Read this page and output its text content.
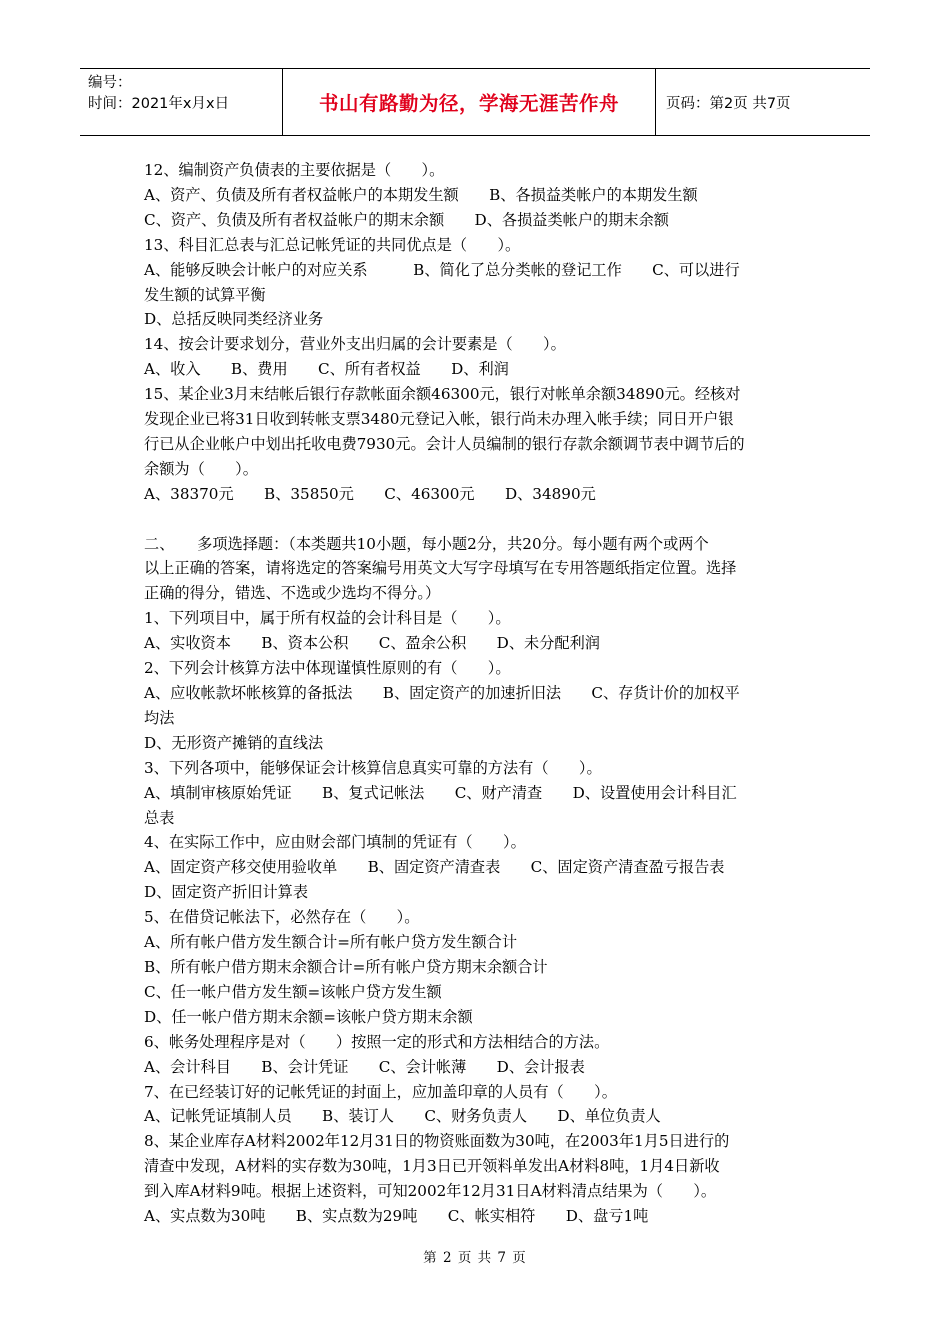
编号：
时间：2021年x月x日	书山有路勤为径，学海无涯苦作舟	页码：第2页 共7页

12、编制资产负债表的主要依据是（　　）。

A、资产、负债及所有者权益帐户的本期发生额　　B、各损益类帐户的本期发生额

C、资产、负债及所有者权益帐户的期末余额　　D、各损益类帐户的期末余额

13、科目汇总表与汇总记帐凭证的共同优点是（　　）。

A、能够反映会计帐户的对应关系　　　B、简化了总分类帐的登记工作　　C、可以进行

发生额的试算平衡

D、总括反映同类经济业务

14、按会计要求划分，营业外支出归属的会计要素是（　　）。

A、收入　　B、费用　　C、所有者权益　　D、利润

15、某企业3月末结帐后银行存款帐面余额46300元，银行对帐单余额34890元。经核对

发现企业已将31日收到转帐支票3480元登记入帐，银行尚未办理入帐手续；同日开户银

行已从企业帐户中划出托收电费7930元。会计人员编制的银行存款余额调节表中调节后的

余额为（　　）。

A、38370元　　B、35850元　　C、46300元　　D、34890元

二、　　多项选择题：（本类题共10小题，每小题2分，共20分。每小题有两个或两个

以上正确的答案，请将选定的答案编号用英文大写字母填写在专用答题纸指定位置。选择

正确的得分，错选、不选或少选均不得分。）

1、下列项目中，属于所有权益的会计科目是（　　）。

A、实收资本　　B、资本公积　　C、盈余公积　　D、未分配利润

2、下列会计核算方法中体现谨慎性原则的有（　　）。

A、应收帐款坏帐核算的备抵法　　B、固定资产的加速折旧法　　C、存货计价的加权平

均法

D、无形资产摊销的直线法

3、下列各项中，能够保证会计核算信息真实可靠的方法有（　　）。

A、填制审核原始凭证　　B、复式记帐法　　C、财产清查　　D、设置使用会计科目汇

总表

4、在实际工作中，应由财会部门填制的凭证有（　　）。

A、固定资产移交使用验收单　　B、固定资产清查表　　C、固定资产清查盈亏报告表

D、固定资产折旧计算表

5、在借贷记帐法下，必然存在（　　）。

A、所有帐户借方发生额合计=所有帐户贷方发生额合计

B、所有帐户借方期末余额合计=所有帐户贷方期末余额合计

C、任一帐户借方发生额=该帐户贷方发生额

D、任一帐户借方期末余额=该帐户贷方期末余额

6、帐务处理程序是对（　　）按照一定的形式和方法相结合的方法。

A、会计科目　　B、会计凭证　　C、会计帐薄　　D、会计报表

7、在已经装订好的记帐凭证的封面上，应加盖印章的人员有（　　）。

A、记帐凭证填制人员　　B、装订人　　C、财务负责人　　D、单位负责人

8、某企业库存A材料2002年12月31日的物资账面数为30吨，在2003年1月5日进行的

清查中发现，A材料的实存数为30吨，1月3日已开领料单发出A材料8吨，1月4日新收

到入库A材料9吨。根据上述资料，可知2002年12月31日A材料清点结果为（　　）。

A、实点数为30吨　　B、实点数为29吨　　C、帐实相符　　D、盘亏1吨

第 2 页 共 7 页
